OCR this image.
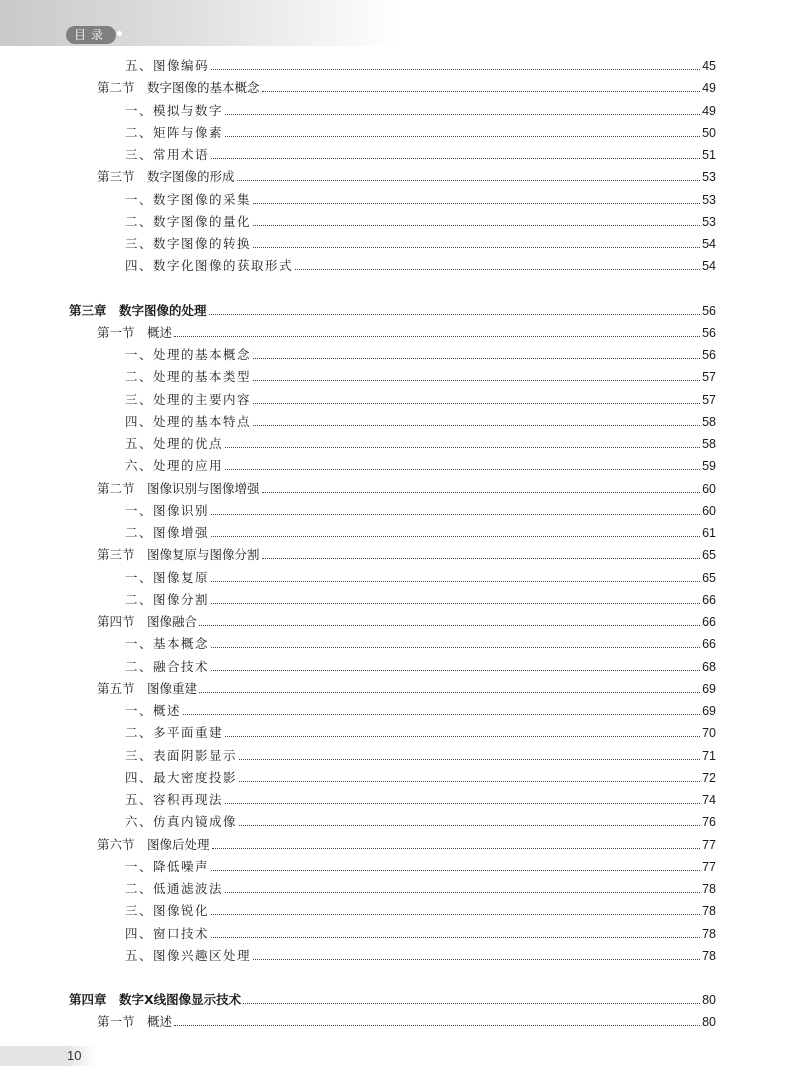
目录
五、图像编码	45
第二节　数字图像的基本概念	49
一、模拟与数字	49
二、矩阵与像素	50
三、常用术语	51
第三节　数字图像的形成	53
一、数字图像的采集	53
二、数字图像的量化	53
三、数字图像的转换	54
四、数字化图像的获取形式	54
第三章　数字图像的处理	56
第一节　概述	56
一、处理的基本概念	56
二、处理的基本类型	57
三、处理的主要内容	57
四、处理的基本特点	58
五、处理的优点	58
六、处理的应用	59
第二节　图像识别与图像增强	60
一、图像识别	60
二、图像增强	61
第三节　图像复原与图像分割	65
一、图像复原	65
二、图像分割	66
第四节　图像融合	66
一、基本概念	66
二、融合技术	68
第五节　图像重建	69
一、概述	69
二、多平面重建	70
三、表面阴影显示	71
四、最大密度投影	72
五、容积再现法	74
六、仿真内镜成像	76
第六节　图像后处理	77
一、降低噪声	77
二、低通滤波法	78
三、图像锐化	78
四、窗口技术	78
五、图像兴趣区处理	78
第四章　数字X线图像显示技术	80
第一节　概述	80
10
